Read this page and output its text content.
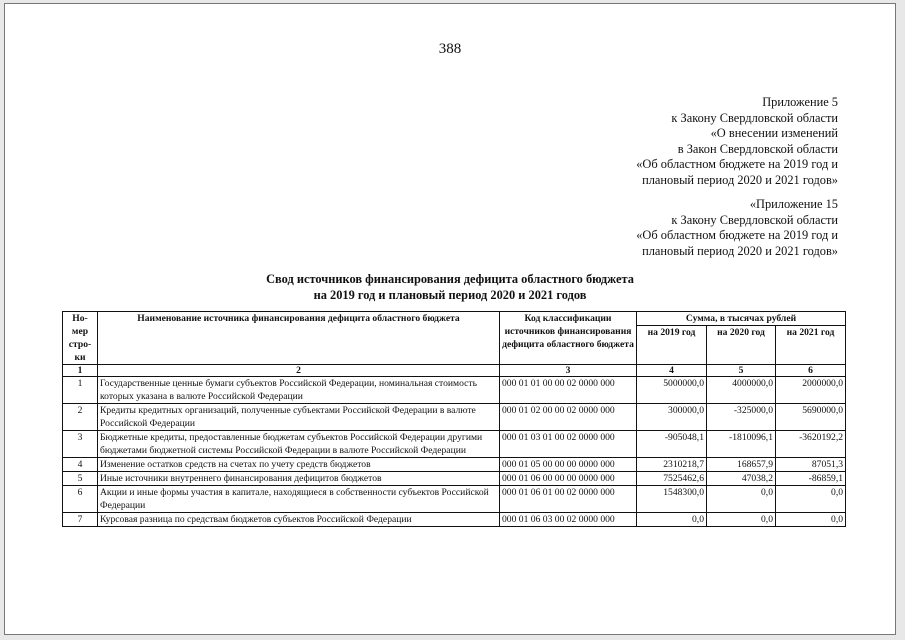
388
Приложение 5
к Закону Свердловской области
«О внесении изменений
в Закон Свердловской области
«Об областном бюджете на 2019 год и
плановый период 2020 и 2021 годов»
«Приложение 15
к Закону Свердловской области
«Об областном бюджете на 2019 год и
плановый период 2020 и 2021 годов»
Свод источников финансирования дефицита областного бюджета
на 2019 год и плановый период 2020 и 2021 годов
Но-мер стро-ки	Наименование источника финансирования дефицита областного бюджета	Код классификации источников финансирования дефицита областного бюджета	Сумма, в тысячах рублей		
			на 2019 год	на 2020 год	на 2021 год
1	2	3	4	5	6
1	Государственные ценные бумаги субъектов Российской Федерации, номинальная стоимость которых указана в валюте Российской Федерации	000 01 01 00 00 02 0000 000	5000000,0	4000000,0	2000000,0
2	Кредиты кредитных организаций, полученные субъектами Российской Федерации в валюте Российской Федерации	000 01 02 00 00 02 0000 000	300000,0	-325000,0	5690000,0
3	Бюджетные кредиты, предоставленные бюджетам субъектов Российской Федерации другими бюджетами бюджетной системы Российской Федерации в валюте Российской Федерации	000 01 03 01 00 02 0000 000	-905048,1	-1810096,1	-3620192,2
4	Изменение остатков средств на счетах по учету средств бюджетов	000 01 05 00 00 00 0000 000	2310218,7	168657,9	87051,3
5	Иные источники внутреннего финансирования дефицитов бюджетов	000 01 06 00 00 00 0000 000	7525462,6	47038,2	-86859,1
6	Акции и иные формы участия в капитале, находящиеся в собственности субъектов Российской Федерации	000 01 06 01 00 02 0000 000	1548300,0	0,0	0,0
7	Курсовая разница по средствам бюджетов субъектов Российской Федерации	000 01 06 03 00 02 0000 000	0,0	0,0	0,0
